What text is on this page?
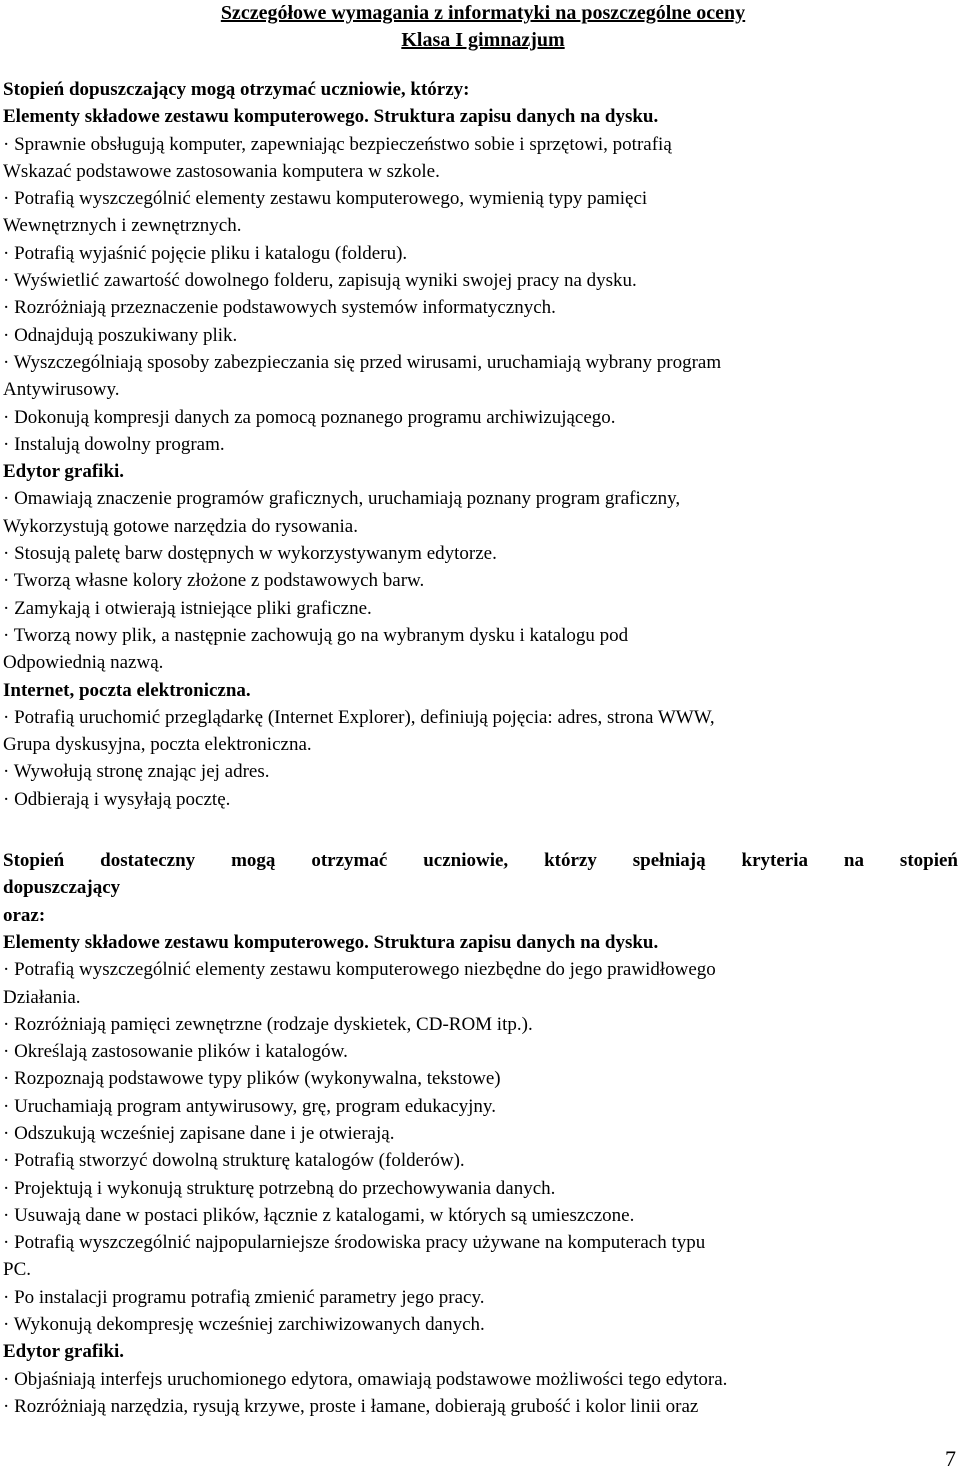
Szczegółowe wymagania z informatyki na poszczególne oceny
Klasa I gimnazjum
Stopień dopuszczający mogą otrzymać uczniowie, którzy:
Elementy składowe zestawu komputerowego. Struktura zapisu danych na dysku.
· Sprawnie obsługują komputer, zapewniając bezpieczeństwo sobie i sprzętowi, potrafią
Wskazać podstawowe zastosowania komputera w szkole.
· Potrafią wyszczególnić elementy zestawu komputerowego, wymienią typy pamięci
Wewnętrznych i zewnętrznych.
· Potrafią wyjaśnić pojęcie pliku i katalogu (folderu).
· Wyświetlić zawartość dowolnego folderu, zapisują wyniki swojej pracy na dysku.
· Rozróżniają przeznaczenie podstawowych systemów informatycznych.
· Odnajdują poszukiwany plik.
· Wyszczególniają sposoby zabezpieczania się przed wirusami, uruchamiają wybrany program
Antywirusowy.
· Dokonują kompresji danych za pomocą poznanego programu archiwizującego.
· Instalują dowolny program.
Edytor grafiki.
· Omawiają znaczenie programów graficznych, uruchamiają poznany program graficzny,
Wykorzystują gotowe narzędzia do rysowania.
· Stosują paletę barw dostępnych w wykorzystywanym edytorze.
· Tworzą własne kolory złożone z podstawowych barw.
· Zamykają i otwierają istniejące pliki graficzne.
· Tworzą nowy plik, a następnie zachowują go na wybranym dysku i katalogu pod
Odpowiednią nazwą.
Internet, poczta elektroniczna.
· Potrafią uruchomić przeglądarkę (Internet Explorer), definiują pojęcia: adres, strona WWW,
Grupa dyskusyjna, poczta elektroniczna.
· Wywołują stronę znając jej adres.
· Odbierają i wysyłają pocztę.
Stopień dostateczny mogą otrzymać uczniowie, którzy spełniają kryteria na stopień
dopuszczający
oraz:
Elementy składowe zestawu komputerowego. Struktura zapisu danych na dysku.
· Potrafią wyszczególnić elementy zestawu komputerowego niezbędne do jego prawidłowego
Działania.
· Rozróżniają pamięci zewnętrzne (rodzaje dyskietek, CD-ROM itp.).
· Określają zastosowanie plików i katalogów.
· Rozpoznają podstawowe typy plików (wykonywalna, tekstowe)
· Uruchamiają program antywirusowy, grę, program edukacyjny.
· Odszukują wcześniej zapisane dane i je otwierają.
· Potrafią stworzyć dowolną strukturę katalogów (folderów).
· Projektują i wykonują strukturę potrzebną do przechowywania danych.
· Usuwają dane w postaci plików, łącznie z katalogami, w których są umieszczone.
· Potrafią wyszczególnić najpopularniejsze środowiska pracy używane na komputerach typu
PC.
· Po instalacji programu potrafią zmienić parametry jego pracy.
· Wykonują dekompresję wcześniej zarchiwizowanych danych.
Edytor grafiki.
· Objaśniają interfejs uruchomionego edytora, omawiają podstawowe możliwości tego edytora.
· Rozróżniają narzędzia, rysują krzywe, proste i łamane, dobierają grubość i kolor linii oraz
7
